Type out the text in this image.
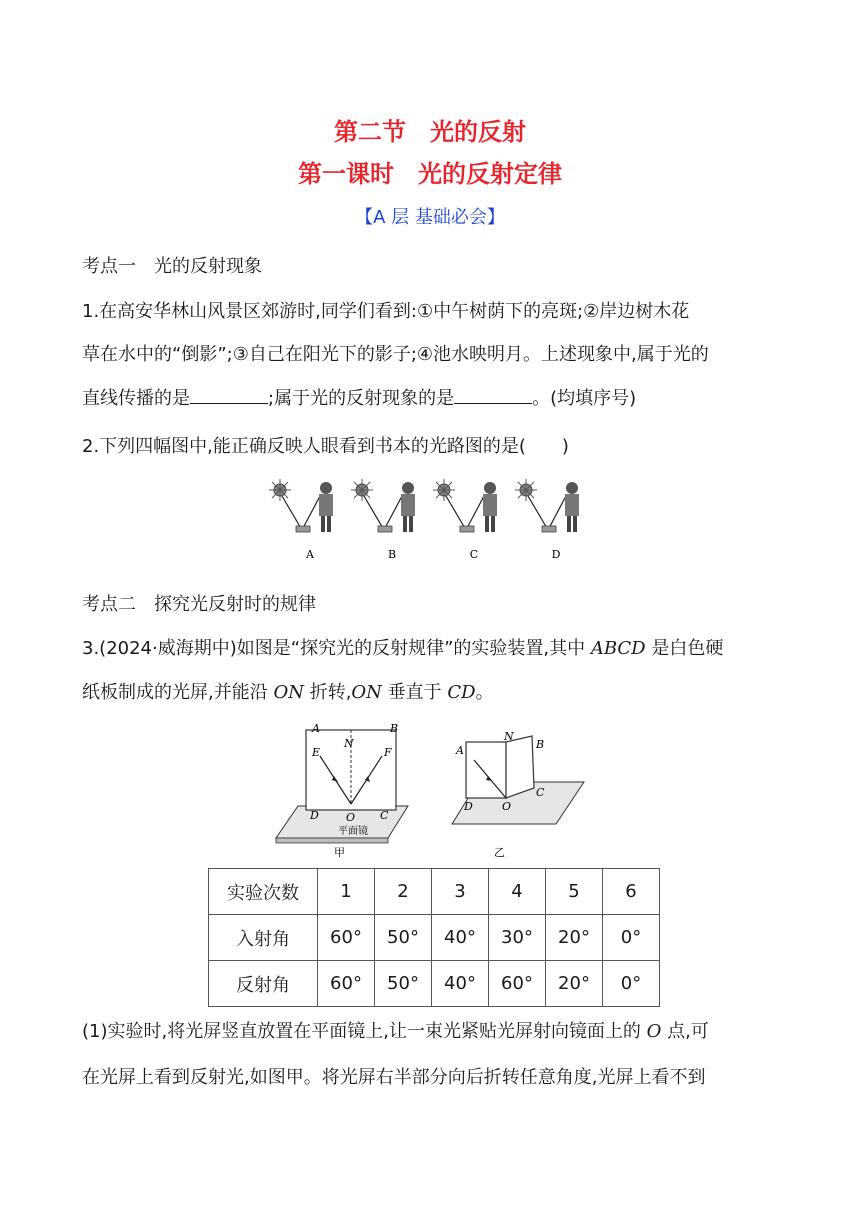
第二节　光的反射
第一课时　光的反射定律
【A 层 基础必会】
考点一　光的反射现象
1.在高安华林山风景区郊游时,同学们看到:①中午树荫下的亮斑;②岸边树木花
草在水中的“倒影”;③自己在阳光下的影子;④池水映明月。上述现象中,属于光的
直线传播的是	;属于光的反射现象的是	。(均填序号)
2.下列四幅图中,能正确反映人眼看到书本的光路图的是(　　)
A	B	C	D
考点二　探究光反射时的规律
3.(2024·威海期中)如图是“探究光的反射规律”的实验装置,其中 ABCD 是白色硬
纸板制成的光屏,并能沿 ON 折转,ON 垂直于 CD。
A	B
N
E	F
D O C
平面镜
甲
A
N
B
D	O
C
乙
实验次数	1	2	3	4	5	6
入射角	60°	50°	40°	30°	20°	0°
反射角	60°	50°	40°	60°	20°	0°
(1)实验时,将光屏竖直放置在平面镜上,让一束光紧贴光屏射向镜面上的 O 点,可
在光屏上看到反射光,如图甲。将光屏右半部分向后折转任意角度,光屏上看不到
